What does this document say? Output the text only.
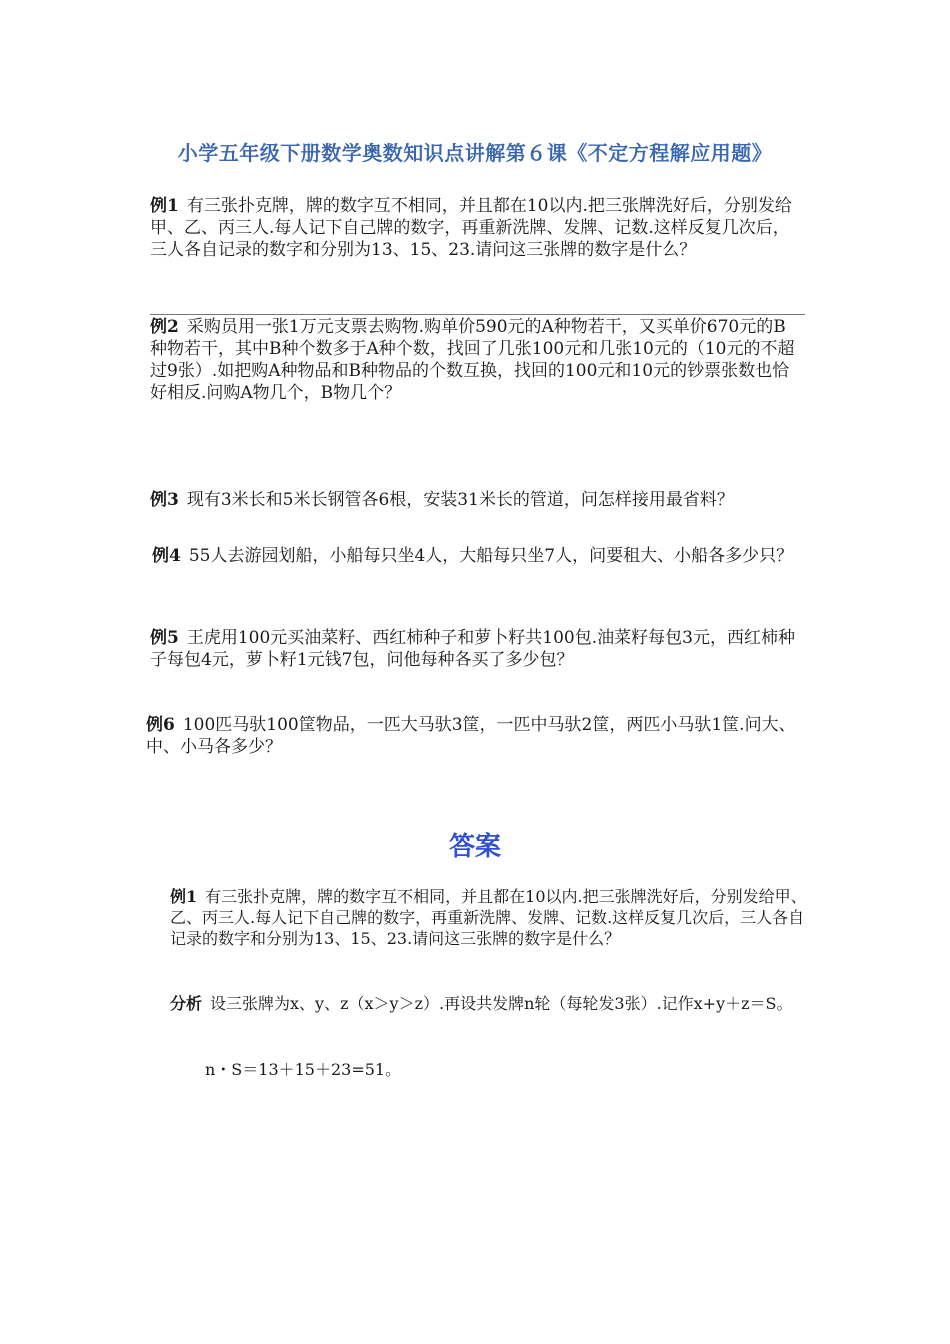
小学五年级下册数学奥数知识点讲解第６课《不定方程解应用题》

例1 有三张扑克牌，牌的数字互不相同，并且都在10以内.把三张牌洗好后，分别发给甲、乙、丙三人.每人记下自己牌的数字，再重新洗牌、发牌、记数.这样反复几次后，三人各自记录的数字和分别为13、15、23.请问这三张牌的数字是什么？

例2 采购员用一张1万元支票去购物.购单价590元的A种物若干，又买单价670元的B种物若干，其中B种个数多于A种个数，找回了几张100元和几张10元的（10元的不超过9张）.如把购A种物品和B种物品的个数互换，找回的100元和10元的钞票张数也恰好相反.问购A物几个，B物几个？

例3 现有3米长和5米长钢管各6根，安装31米长的管道，问怎样接用最省料？

例4 55人去游园划船，小船每只坐4人，大船每只坐7人，问要租大、小船各多少只？

例5 王虎用100元买油菜籽、西红柿种子和萝卜籽共100包.油菜籽每包3元，西红柿种子每包4元，萝卜籽1元钱7包，问他每种各买了多少包？

例6 100匹马驮100筐物品，一匹大马驮3筐，一匹中马驮2筐，两匹小马驮1筐.问大、中、小马各多少？

答案

例1 有三张扑克牌，牌的数字互不相同，并且都在10以内.把三张牌洗好后，分别发给甲、乙、丙三人.每人记下自己牌的数字，再重新洗牌、发牌、记数.这样反复几次后，三人各自记录的数字和分别为13、15、23.请问这三张牌的数字是什么？

分析 设三张牌为x、y、z（x＞y＞z）.再设共发牌n轮（每轮发3张）.记作x+y＋z＝S。

n・S＝13＋15＋23=51。
